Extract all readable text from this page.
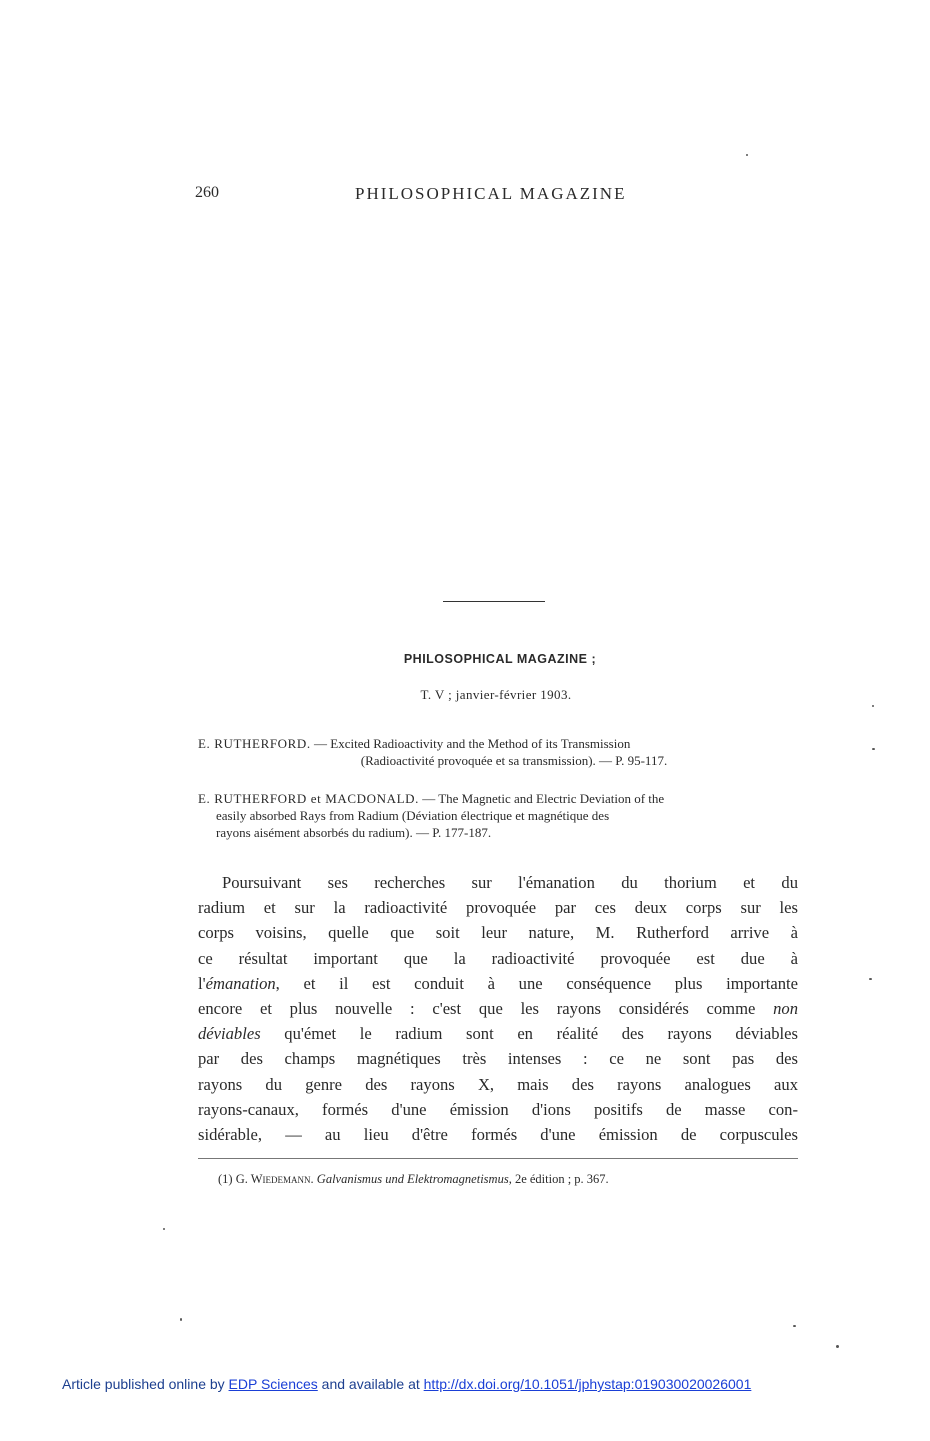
260	PHILOSOPHICAL MAGAZINE
PHILOSOPHICAL MAGAZINE ;
T. V ; janvier-février 1903.
E. RUTHERFORD. — Excited Radioactivity and the Method of its Transmission
(Radioactivité provoquée et sa transmission). — P. 95-117.
E. RUTHERFORD et MACDONALD. — The Magnetic and Electric Deviation of the
easily absorbed Rays from Radium (Déviation électrique et magnétique des
rayons aisément absorbés du radium). — P. 177-187.
Poursuivant ses recherches sur l'émanation du thorium et du
radium et sur la radioactivité provoquée par ces deux corps sur les
corps voisins, quelle que soit leur nature, M. Rutherford arrive à
ce résultat important que la radioactivité provoquée est due à
l'émanation, et il est conduit à une conséquence plus importante
encore et plus nouvelle : c'est que les rayons considérés comme non
déviables qu'émet le radium sont en réalité des rayons déviables
par des champs magnétiques très intenses : ce ne sont pas des
rayons du genre des rayons X, mais des rayons analogues aux
rayons-canaux, formés d'une émission d'ions positifs de masse con-
sidérable, — au lieu d'être formés d'une émission de corpuscules
(1) G. Wiedemann. Galvanismus und Elektromagnetismus, 2e édition ; p. 367.
Article published online by EDP Sciences and available at http://dx.doi.org/10.1051/jphystap:019030020026001
